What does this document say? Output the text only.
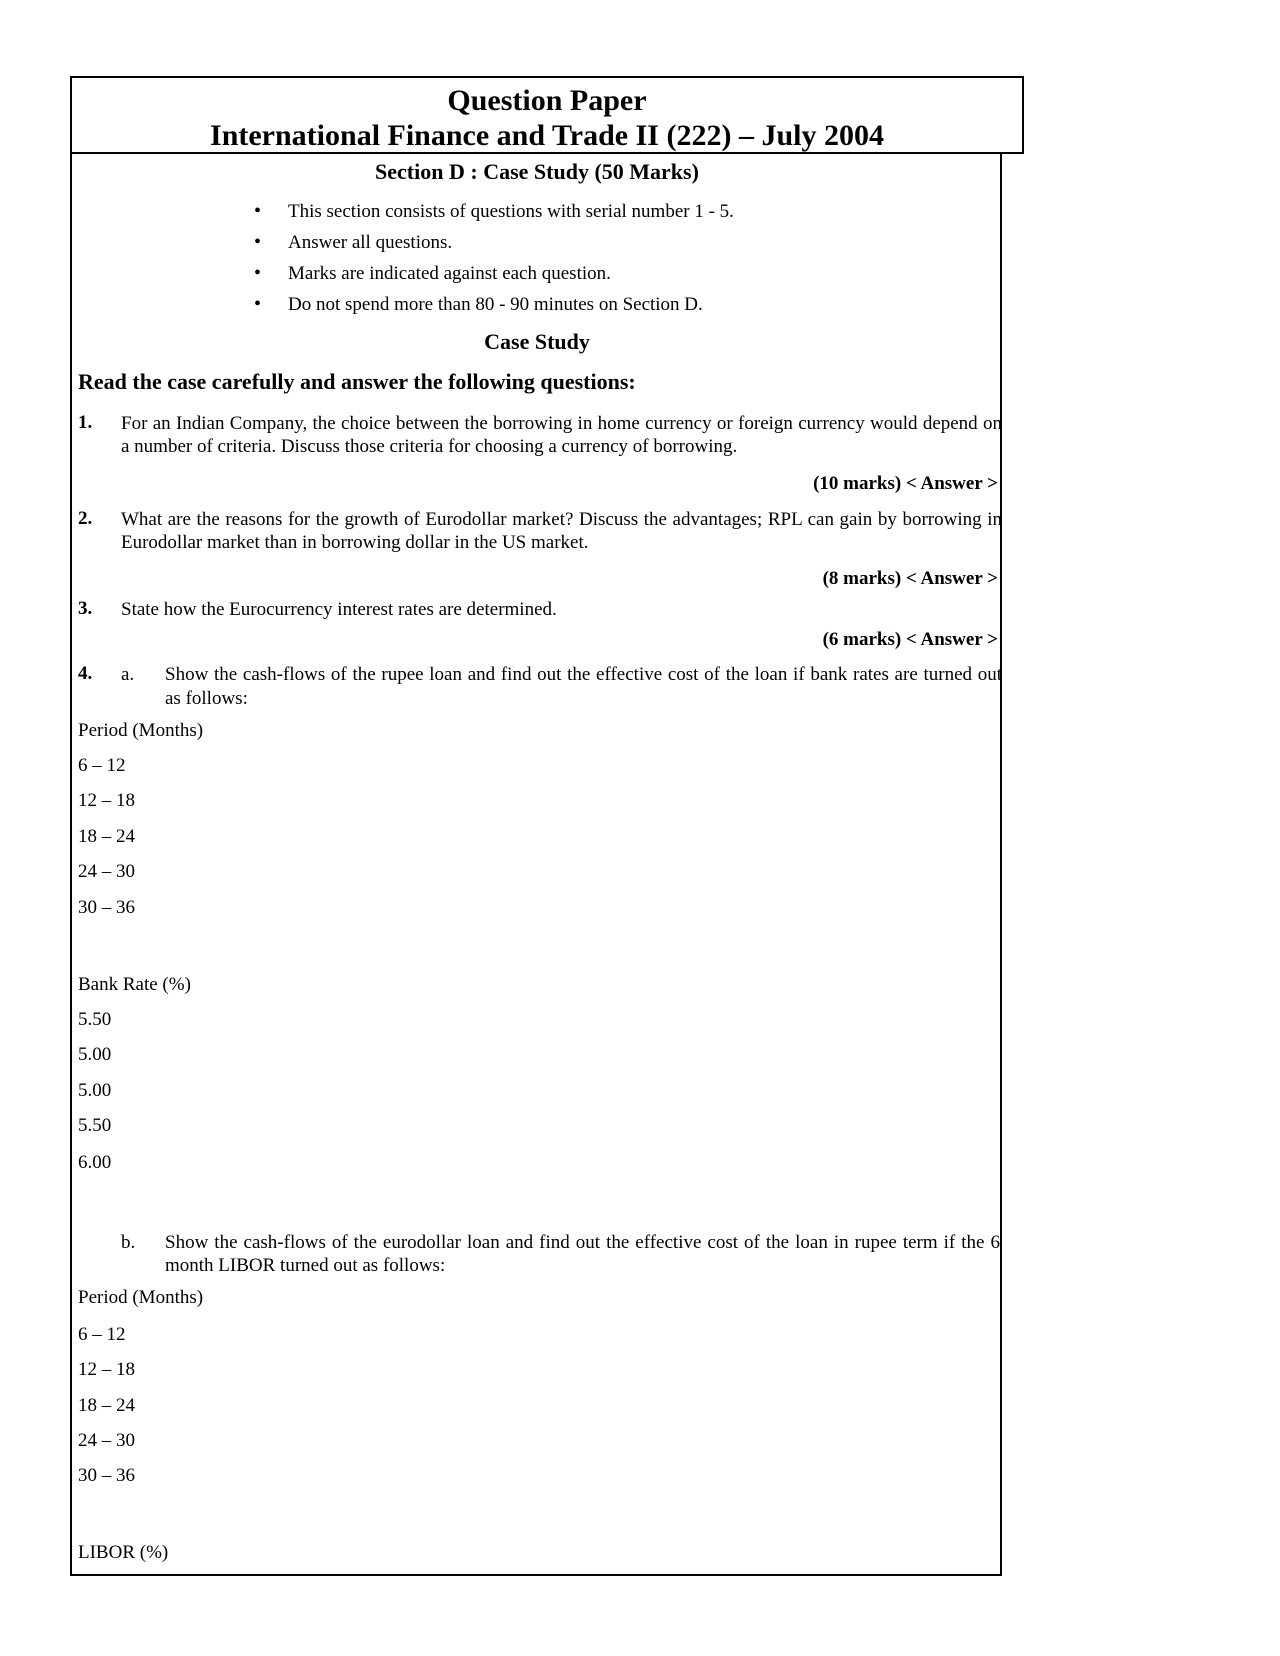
Question Paper
International Finance and Trade II (222) – July 2004
Section D : Case Study (50 Marks)
• This section consists of questions with serial number 1 - 5.
• Answer all questions.
• Marks are indicated against each question.
• Do not spend more than 80 - 90 minutes on Section D.
Case Study
Read the case carefully and answer the following questions:
1. For an Indian Company, the choice between the borrowing in home currency or foreign currency would depend on a number of criteria. Discuss those criteria for choosing a currency of borrowing.
(10 marks) < Answer >
2. What are the reasons for the growth of Eurodollar market? Discuss the advantages; RPL can gain by borrowing in Eurodollar market than in borrowing dollar in the US market.
(8 marks) < Answer >
3. State how the Eurocurrency interest rates are determined.
(6 marks) < Answer >
4. a. Show the cash-flows of the rupee loan and find out the effective cost of the loan if bank rates are turned out as follows:
Period (Months)
6 – 12
12 – 18
18 – 24
24 – 30
30 – 36
Bank Rate (%)
5.50
5.00
5.00
5.50
6.00
b. Show the cash-flows of the eurodollar loan and find out the effective cost of the loan in rupee term if the 6 month LIBOR turned out as follows:
Period (Months)
6 – 12
12 – 18
18 – 24
24 – 30
30 – 36
LIBOR (%)
